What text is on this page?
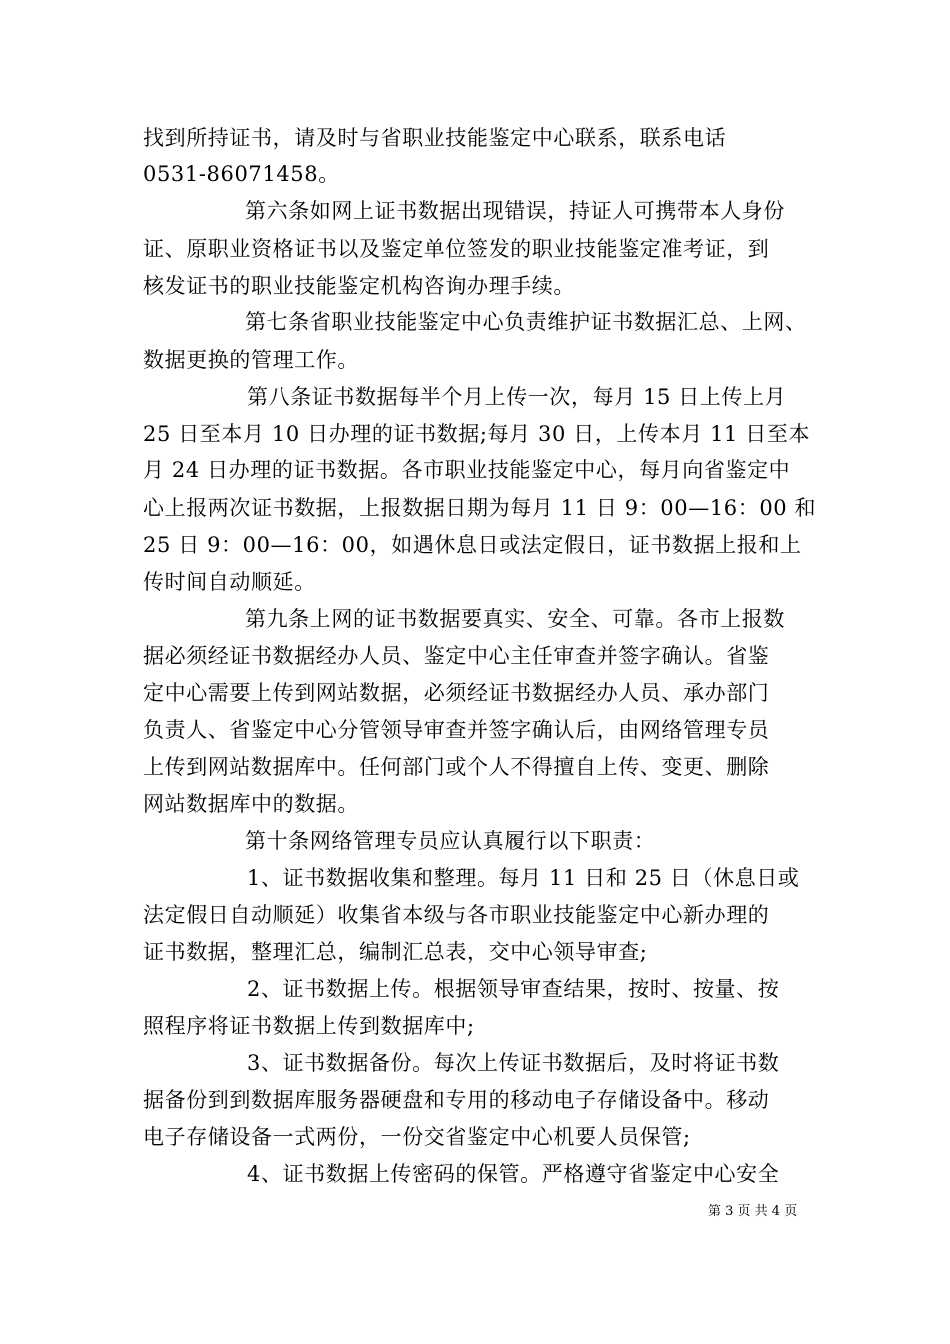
找到所持证书，请及时与省职业技能鉴定中心联系，联系电话
0531-86071458。
第六条如网上证书数据出现错误，持证人可携带本人身份
证、原职业资格证书以及鉴定单位签发的职业技能鉴定准考证，到
核发证书的职业技能鉴定机构咨询办理手续。
第七条省职业技能鉴定中心负责维护证书数据汇总、上网、
数据更换的管理工作。
第八条证书数据每半个月上传一次，每月 15 日上传上月
25 日至本月 10 日办理的证书数据;每月 30 日，上传本月 11 日至本
月 24 日办理的证书数据。各市职业技能鉴定中心，每月向省鉴定中
心上报两次证书数据，上报数据日期为每月 11 日 9：00—16：00 和
25 日 9：00—16：00，如遇休息日或法定假日，证书数据上报和上
传时间自动顺延。
第九条上网的证书数据要真实、安全、可靠。各市上报数
据必须经证书数据经办人员、鉴定中心主任审查并签字确认。省鉴
定中心需要上传到网站数据，必须经证书数据经办人员、承办部门
负责人、省鉴定中心分管领导审查并签字确认后，由网络管理专员
上传到网站数据库中。任何部门或个人不得擅自上传、变更、删除
网站数据库中的数据。
第十条网络管理专员应认真履行以下职责：
1、证书数据收集和整理。每月 11 日和 25 日（休息日或
法定假日自动顺延）收集省本级与各市职业技能鉴定中心新办理的
证书数据，整理汇总，编制汇总表，交中心领导审查;
2、证书数据上传。根据领导审查结果，按时、按量、按
照程序将证书数据上传到数据库中;
3、证书数据备份。每次上传证书数据后，及时将证书数
据备份到到数据库服务器硬盘和专用的移动电子存储设备中。移动
电子存储设备一式两份，一份交省鉴定中心机要人员保管;
4、证书数据上传密码的保管。严格遵守省鉴定中心安全
第 3 页 共 4 页
